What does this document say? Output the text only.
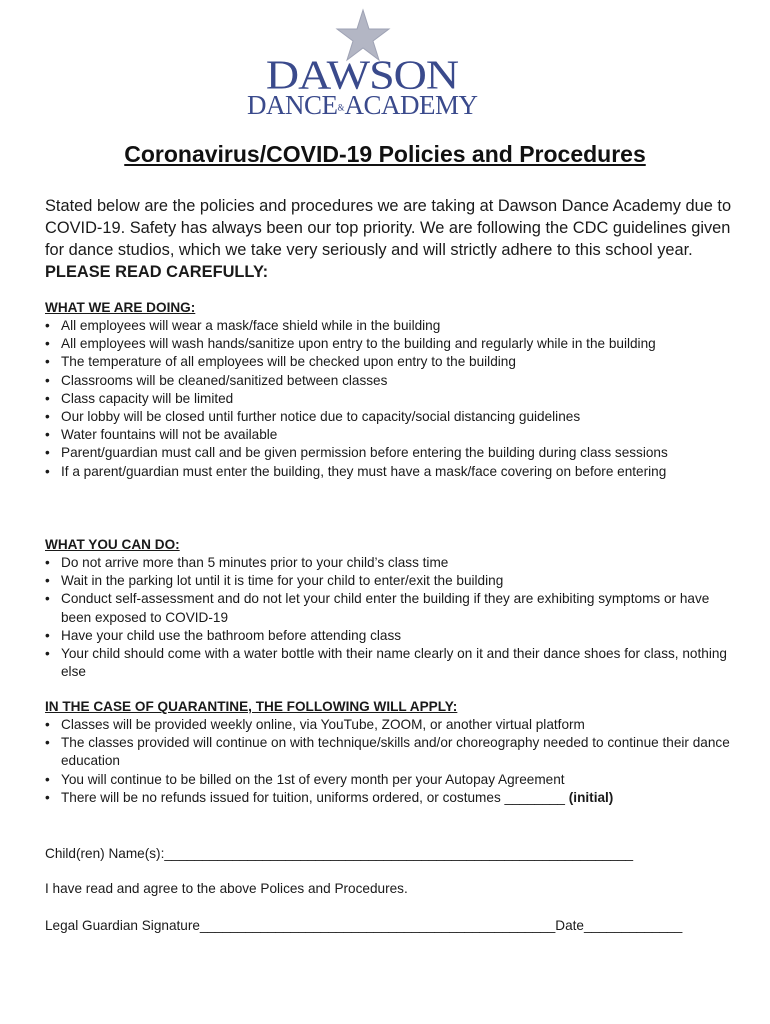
DAWSON
DANCE&ACADEMY
Coronavirus/COVID-19 Policies and Procedures
Stated below are the policies and procedures we are taking at Dawson Dance Academy due to COVID-19. Safety has always been our top priority. We are following the CDC guidelines given for dance studios, which we take very seriously and will strictly adhere to this school year. PLEASE READ CAREFULLY:
WHAT WE ARE DOING:
• All employees will wear a mask/face shield while in the building
• All employees will wash hands/sanitize upon entry to the building and regularly while in the building
• The temperature of all employees will be checked upon entry to the building
• Classrooms will be cleaned/sanitized between classes
• Class capacity will be limited
• Our lobby will be closed until further notice due to capacity/social distancing guidelines
• Water fountains will not be available
• Parent/guardian must call and be given permission before entering the building during class sessions
• If a parent/guardian must enter the building, they must have a mask/face covering on before entering
WHAT YOU CAN DO:
• Do not arrive more than 5 minutes prior to your child’s class time
• Wait in the parking lot until it is time for your child to enter/exit the building
• Conduct self-assessment and do not let your child enter the building if they are exhibiting symptoms or have been exposed to COVID-19
• Have your child use the bathroom before attending class
• Your child should come with a water bottle with their name clearly on it and their dance shoes for class, nothing else
IN THE CASE OF QUARANTINE, THE FOLLOWING WILL APPLY:
• Classes will be provided weekly online, via YouTube, ZOOM, or another virtual platform
• The classes provided will continue on with technique/skills and/or choreography needed to continue their dance education
• You will continue to be billed on the 1st of every month per your Autopay Agreement
• There will be no refunds issued for tuition, uniforms ordered, or costumes ________ (initial)
Child(ren) Name(s):______________________________________________________________
I have read and agree to the above Polices and Procedures.
Legal Guardian Signature_______________________________________________Date_____________
